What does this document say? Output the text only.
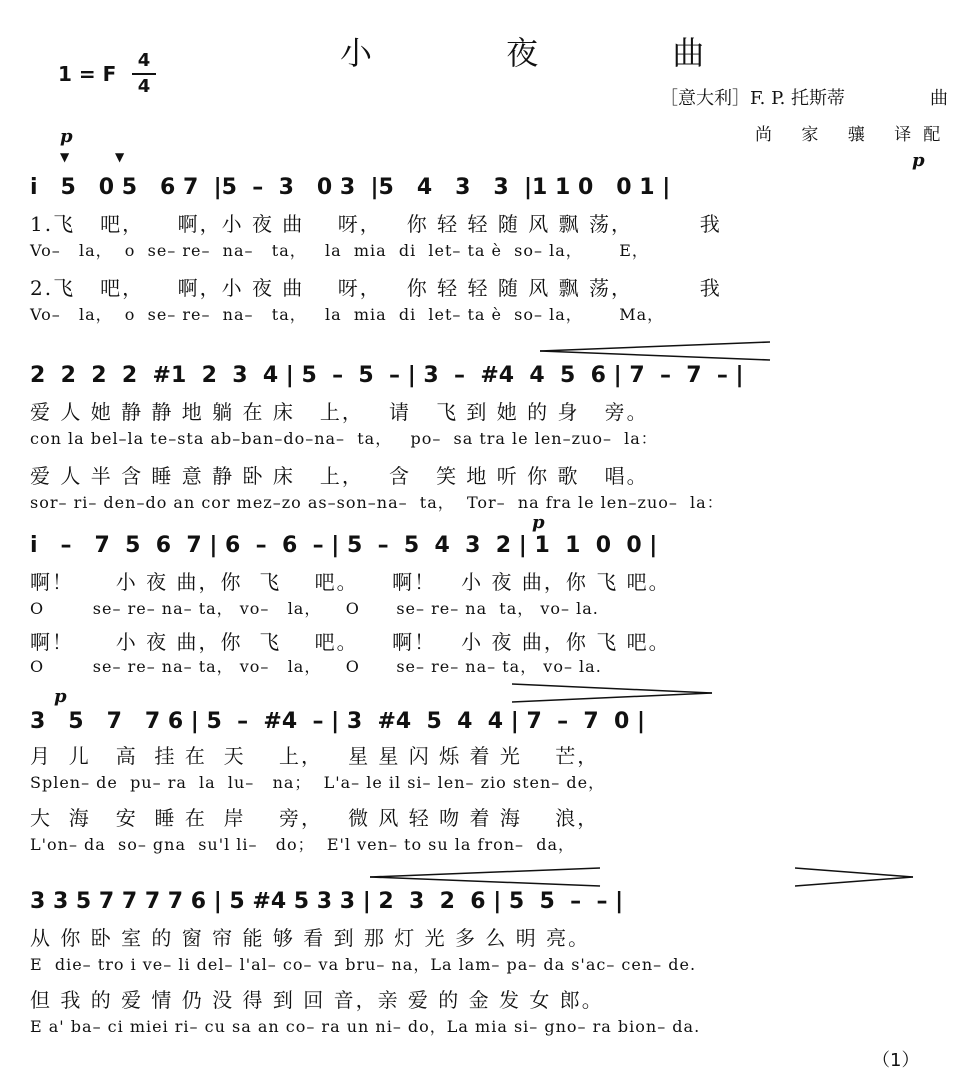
小 夜 曲
1 = F
4
4
［意大利］F. P. 托斯蒂	曲
尚 家 骧 译配
p
p
p
p
▼	▼
i   5   0 5   6 7  |5  –  3   0 3  |5   4   3   3  |1 1 0   0 1 |
1.飞   吧，    啊，小 夜 曲    呀，   你 轻 轻 随 风 飘 荡，        我
Vo–   la，  o  se– re–  na–   ta，   la  mia  di  let– ta è  so– la，      E，
2.飞   吧，    啊，小 夜 曲    呀，   你 轻 轻 随 风 飘 荡，        我
Vo–   la，  o  se– re–  na–   ta，   la  mia  di  let– ta è  so– la，      Ma，
2  2  2  2  #1  2  3  4 | 5  –  5  – | 3  –  #4  4  5  6 | 7  –  7  – |
爱 人 她 静 静 地 躺 在 床   上，   请   飞 到 她 的 身   旁。
con la bel–la te–sta ab–ban–do–na–  ta，   po–  sa tra le len–zuo–  la：
爱 人 半 含 睡 意 静 卧 床   上，   含   笑 地 听 你 歌   唱。
sor– ri– den–do an cor mez–zo as–son–na–  ta，  Tor–  na fra le len–zuo–  la：
i   –   7  5  6  7 | 6  –  6  – | 5  –  5  4  3  2 | 1  1  0  0 |
啊！     小 夜 曲，你  飞    吧。    啊！   小 夜 曲，你 飞 吧。
O        se– re– na– ta， vo–   la，    O      se– re– na  ta， vo– la.
啊！     小 夜 曲，你  飞    吧。    啊！   小 夜 曲，你 飞 吧。
O        se– re– na– ta， vo–   la，    O      se– re– na– ta， vo– la.
3   5   7   7 6 | 5  –  #4  – | 3  #4  5  4  4 | 7  –  7  0 |
月  儿   高  挂 在  天    上，   星 星 闪 烁 着 光    芒，
Splen– de  pu– ra  la  lu–   na；  L'a– le il si– len– zio sten– de，
大  海   安  睡 在  岸    旁，   微 风 轻 吻 着 海    浪，
L'on– da  so– gna  su'l li–   do；  E'l ven– to su la fron–  da，
3 3 5 7 7 7 7 6 | 5 #4 5 3 3 | 2  3  2  6 | 5  5  –  – |
从 你 卧 室 的 窗 帘 能 够 看 到 那 灯 光 多 么 明 亮。
E  die– tro i ve– li del– l'al– co– va bru– na，La lam– pa– da s'ac– cen– de.
但 我 的 爱 情 仍 没 得 到 回 音，亲 爱 的 金 发 女 郎。
E a' ba– ci miei ri– cu sa an co– ra un ni– do，La mia si– gno– ra bion– da.
（1）
